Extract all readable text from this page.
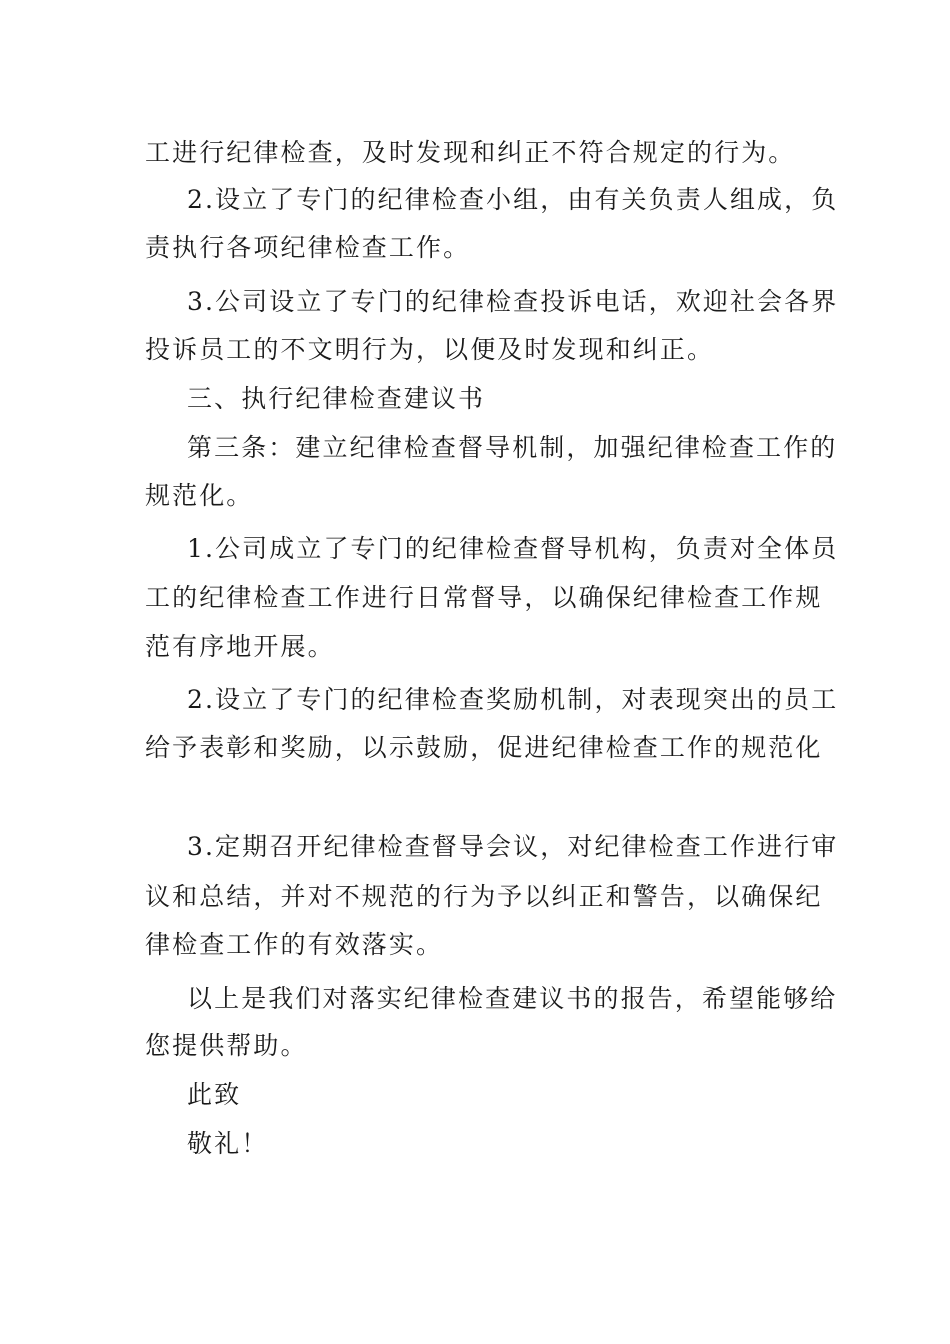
工进行纪律检查，及时发现和纠正不符合规定的行为。
2.设立了专门的纪律检查小组，由有关负责人组成，负
责执行各项纪律检查工作。
3.公司设立了专门的纪律检查投诉电话，欢迎社会各界
投诉员工的不文明行为，以便及时发现和纠正。
三、执行纪律检查建议书
第三条：建立纪律检查督导机制，加强纪律检查工作的
规范化。
1.公司成立了专门的纪律检查督导机构，负责对全体员
工的纪律检查工作进行日常督导，以确保纪律检查工作规
范有序地开展。
2.设立了专门的纪律检查奖励机制，对表现突出的员工
给予表彰和奖励，以示鼓励，促进纪律检查工作的规范化
3.定期召开纪律检查督导会议，对纪律检查工作进行审
议和总结，并对不规范的行为予以纠正和警告，以确保纪
律检查工作的有效落实。
以上是我们对落实纪律检查建议书的报告，希望能够给
您提供帮助。
此致
敬礼！
